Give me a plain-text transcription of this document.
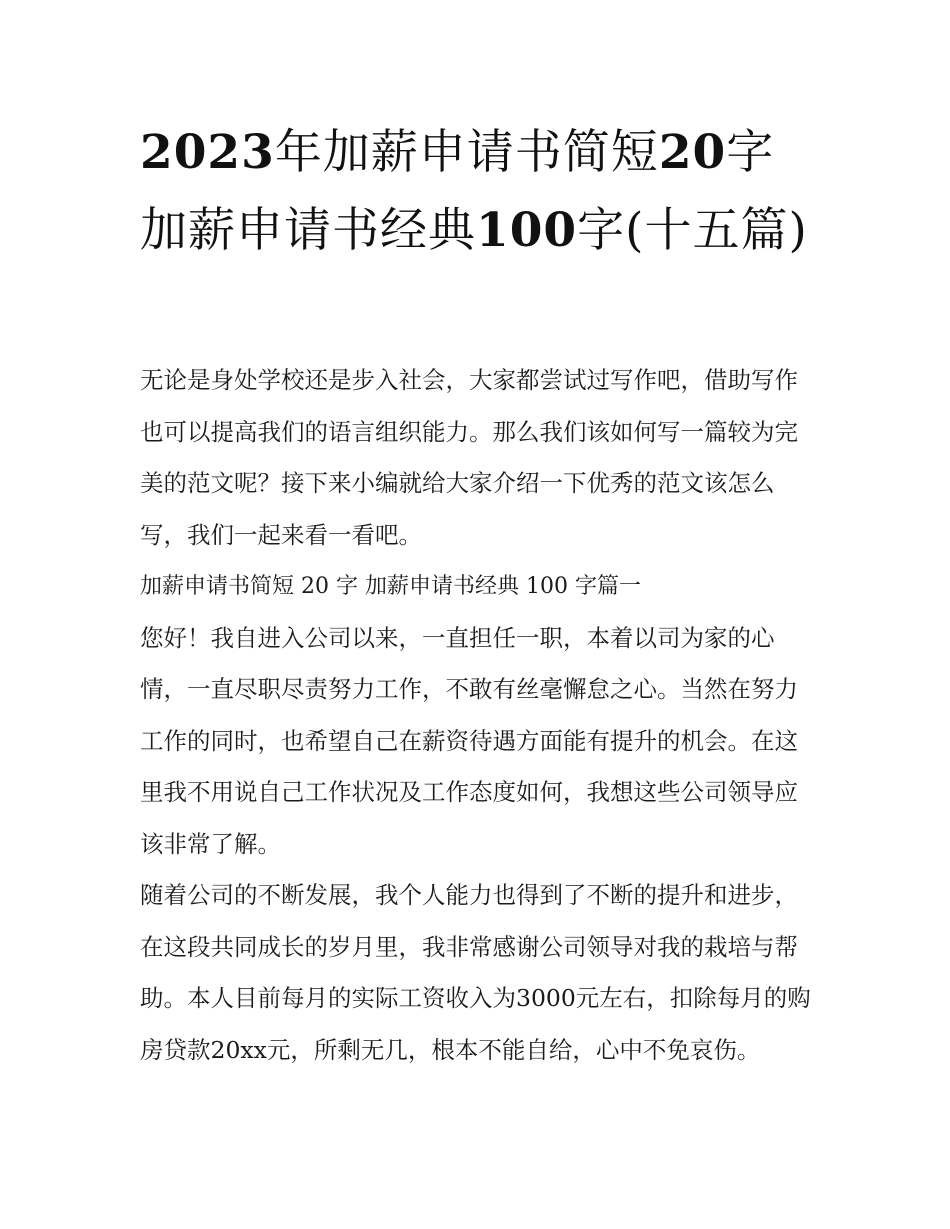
2023年加薪申请书简短20字
加薪申请书经典100字(十五篇)

无论是身处学校还是步入社会，大家都尝试过写作吧，借助写作也可以提高我们的语言组织能力。那么我们该如何写一篇较为完美的范文呢？接下来小编就给大家介绍一下优秀的范文该怎么写，我们一起来看一看吧。

加薪申请书简短 20 字 加薪申请书经典 100 字篇一

您好！我自进入公司以来，一直担任一职，本着以司为家的心情，一直尽职尽责努力工作，不敢有丝毫懈怠之心。当然在努力工作的同时，也希望自己在薪资待遇方面能有提升的机会。在这里我不用说自己工作状况及工作态度如何，我想这些公司领导应该非常了解。

随着公司的不断发展，我个人能力也得到了不断的提升和进步，在这段共同成长的岁月里，我非常感谢公司领导对我的栽培与帮助。本人目前每月的实际工资收入为3000元左右，扣除每月的购房贷款20xx元，所剩无几，根本不能自给，心中不免哀伤。
